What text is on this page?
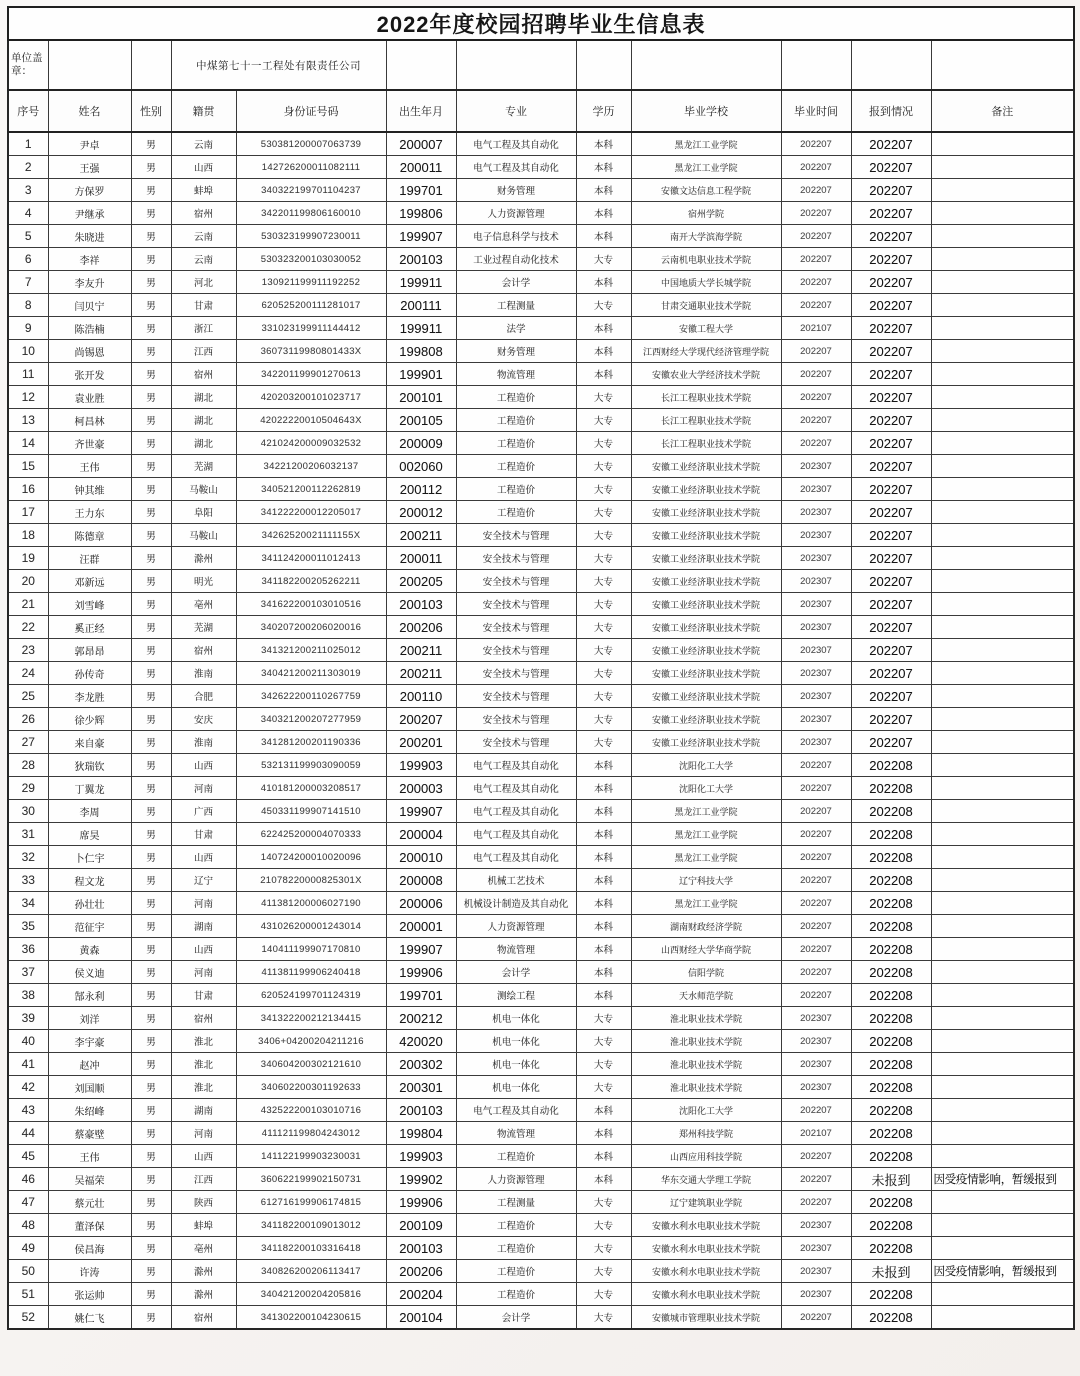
2022年度校园招聘毕业生信息表											
单位盖章：			中煤第七十一工程处有限责任公司								
序号	姓名	性别	籍贯	身份证号码	出生年月	专业	学历	毕业学校	毕业时间	报到情况	备注
1	尹卓	男	云南	530381200007063739	200007	电气工程及其自动化	本科	黑龙江工业学院	202207	202207	
2	王强	男	山西	142726200011082111	200011	电气工程及其自动化	本科	黑龙江工业学院	202207	202207	
3	方保罗	男	蚌埠	340322199701104237	199701	财务管理	本科	安徽文达信息工程学院	202207	202207	
4	尹继承	男	宿州	342201199806160010	199806	人力资源管理	本科	宿州学院	202207	202207	
5	朱晓进	男	云南	530323199907230011	199907	电子信息科学与技术	本科	南开大学滨海学院	202207	202207	
6	李祥	男	云南	530323200103030052	200103	工业过程自动化技术	大专	云南机电职业技术学院	202207	202207	
7	李友升	男	河北	130921199911192252	199911	会计学	本科	中国地质大学长城学院	202207	202207	
8	闫贝宁	男	甘肃	620525200111281017	200111	工程测量	大专	甘肃交通职业技术学院	202207	202207	
9	陈浩楠	男	浙江	331023199911144412	199911	法学	本科	安徽工程大学	202107	202207	
10	尚锡恩	男	江西	36073119980801433X	199808	财务管理	本科	江西财经大学现代经济管理学院	202207	202207	
11	张开发	男	宿州	342201199901270613	199901	物流管理	本科	安徽农业大学经济技术学院	202207	202207	
12	袁业胜	男	湖北	420203200101023717	200101	工程造价	大专	长江工程职业技术学院	202207	202207	
13	柯昌林	男	湖北	42022220010504643X	200105	工程造价	大专	长江工程职业技术学院	202207	202207	
14	齐世豪	男	湖北	421024200009032532	200009	工程造价	大专	长江工程职业技术学院	202207	202207	
15	王伟	男	芜湖	34221200206032137	002060	工程造价	大专	安徽工业经济职业技术学院	202307	202207	
16	钟其维	男	马鞍山	340521200112262819	200112	工程造价	大专	安徽工业经济职业技术学院	202307	202207	
17	王力东	男	阜阳	341222200012205017	200012	工程造价	大专	安徽工业经济职业技术学院	202307	202207	
18	陈德章	男	马鞍山	34262520021111155X	200211	安全技术与管理	大专	安徽工业经济职业技术学院	202307	202207	
19	汪群	男	滁州	341124200011012413	200011	安全技术与管理	大专	安徽工业经济职业技术学院	202307	202207	
20	邓新远	男	明光	341182200205262211	200205	安全技术与管理	大专	安徽工业经济职业技术学院	202307	202207	
21	刘雪峰	男	亳州	341622200103010516	200103	安全技术与管理	大专	安徽工业经济职业技术学院	202307	202207	
22	奚正经	男	芜湖	340207200206020016	200206	安全技术与管理	大专	安徽工业经济职业技术学院	202307	202207	
23	郭昂昂	男	宿州	341321200211025012	200211	安全技术与管理	大专	安徽工业经济职业技术学院	202307	202207	
24	孙传奇	男	淮南	340421200211303019	200211	安全技术与管理	大专	安徽工业经济职业技术学院	202307	202207	
25	李龙胜	男	合肥	342622200110267759	200110	安全技术与管理	大专	安徽工业经济职业技术学院	202307	202207	
26	徐少辉	男	安庆	340321200207277959	200207	安全技术与管理	大专	安徽工业经济职业技术学院	202307	202207	
27	来自豪	男	淮南	341281200201190336	200201	安全技术与管理	大专	安徽工业经济职业技术学院	202307	202207	
28	狄瑞钦	男	山西	532131199903090059	199903	电气工程及其自动化	本科	沈阳化工大学	202207	202208	
29	丁翼龙	男	河南	410181200003208517	200003	电气工程及其自动化	本科	沈阳化工大学	202207	202208	
30	李周	男	广西	450331199907141510	199907	电气工程及其自动化	本科	黑龙江工业学院	202207	202208	
31	席昊	男	甘肃	622425200004070333	200004	电气工程及其自动化	本科	黑龙江工业学院	202207	202208	
32	卜仁宇	男	山西	140724200010020096	200010	电气工程及其自动化	本科	黑龙江工业学院	202207	202208	
33	程文龙	男	辽宁	21078220000825301X	200008	机械工艺技术	本科	辽宁科技大学	202207	202208	
34	孙壮壮	男	河南	411381200006027190	200006	机械设计制造及其自动化	本科	黑龙江工业学院	202207	202208	
35	范征宇	男	湖南	431026200001243014	200001	人力资源管理	本科	湖南财政经济学院	202207	202208	
36	黄森	男	山西	140411199907170810	199907	物流管理	本科	山西财经大学华商学院	202207	202208	
37	侯义迪	男	河南	411381199906240418	199906	会计学	本科	信阳学院	202207	202208	
38	郜永利	男	甘肃	620524199701124319	199701	测绘工程	本科	天水师范学院	202207	202208	
39	刘洋	男	宿州	341322200212134415	200212	机电一体化	大专	淮北职业技术学院	202307	202208	
40	李宇豪	男	淮北	3406+04200204211216	420020	机电一体化	大专	淮北职业技术学院	202307	202208	
41	赵冲	男	淮北	340604200302121610	200302	机电一体化	大专	淮北职业技术学院	202307	202208	
42	刘国顺	男	淮北	340602200301192633	200301	机电一体化	大专	淮北职业技术学院	202307	202208	
43	朱绍峰	男	湖南	432522200103010716	200103	电气工程及其自动化	本科	沈阳化工大学	202207	202208	
44	蔡豪壁	男	河南	411121199804243012	199804	物流管理	本科	郑州科技学院	202107	202208	
45	王伟	男	山西	141122199903230031	199903	工程造价	本科	山西应用科技学院	202207	202208	
46	吴福荣	男	江西	360622199902150731	199902	人力资源管理	本科	华东交通大学理工学院	202207	未报到	因受疫情影响，暂缓报到
47	蔡元壮	男	陕西	612716199906174815	199906	工程测量	大专	辽宁建筑职业学院	202207	202208	
48	董泽保	男	蚌埠	341182200109013012	200109	工程造价	大专	安徽水利水电职业技术学院	202307	202208	
49	侯昌海	男	亳州	341182200103316418	200103	工程造价	大专	安徽水利水电职业技术学院	202307	202208	
50	许涛	男	滁州	340826200206113417	200206	工程造价	大专	安徽水利水电职业技术学院	202307	未报到	因受疫情影响，暂缓报到
51	张运帅	男	滁州	340421200204205816	200204	工程造价	大专	安徽水利水电职业技术学院	202307	202208	
52	姚仁飞	男	宿州	341302200104230615	200104	会计学	大专	安徽城市管理职业技术学院	202207	202208	
